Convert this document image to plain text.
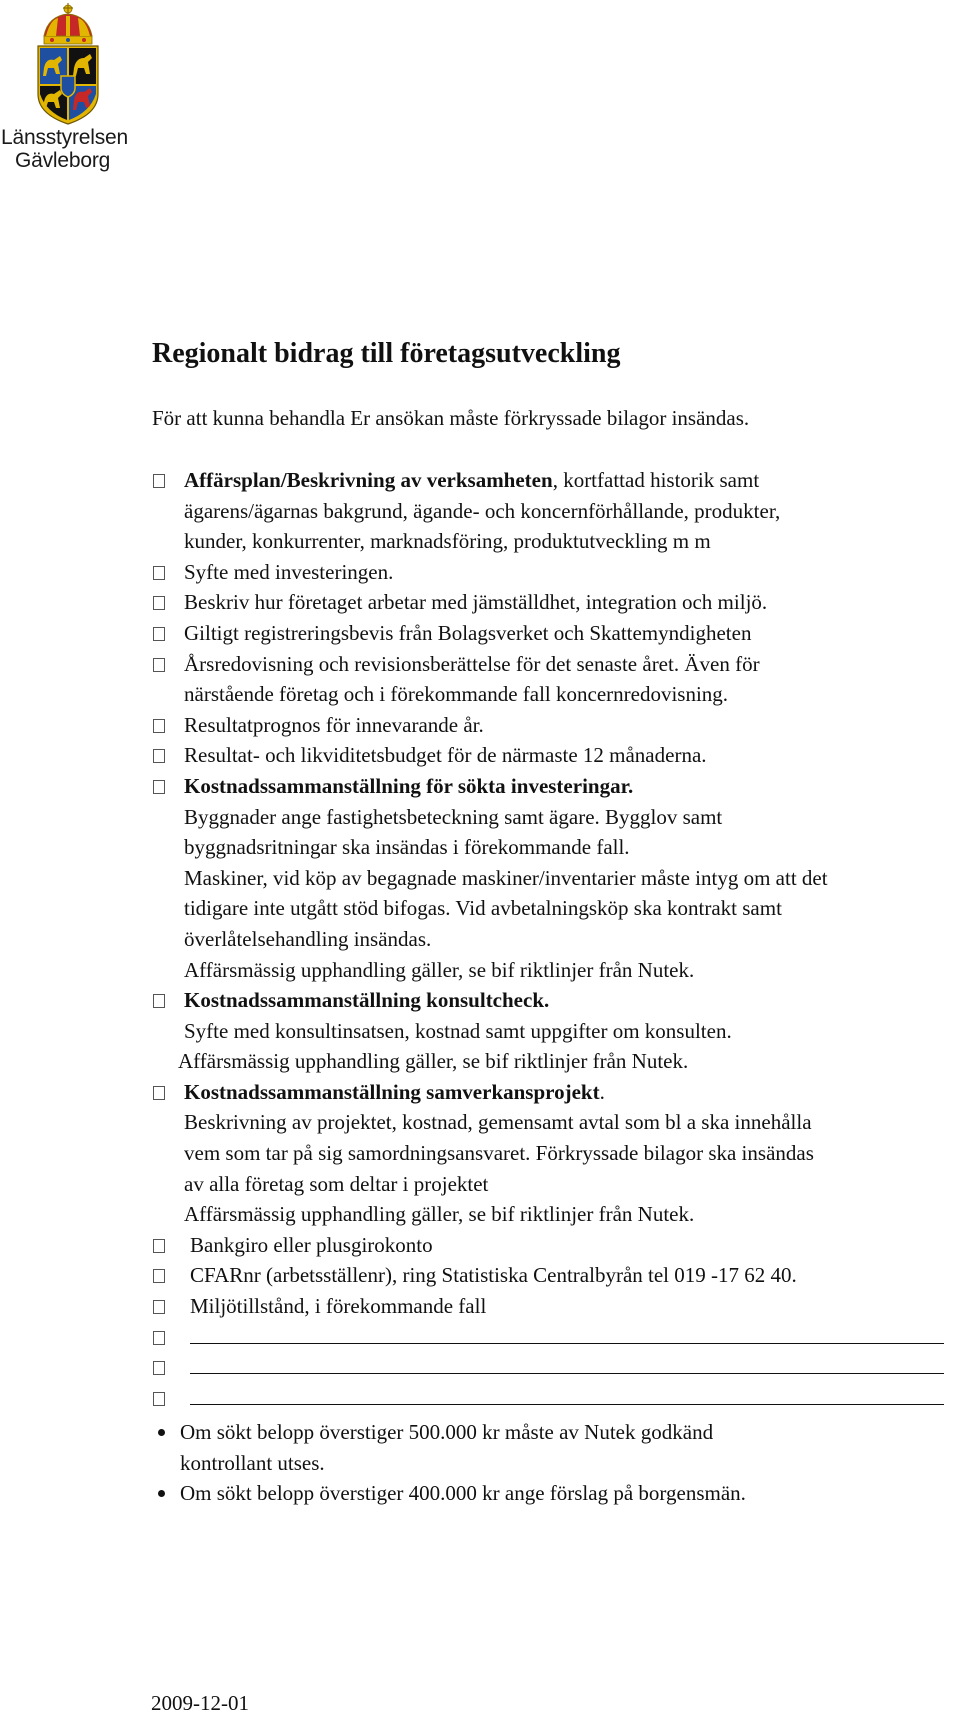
Länsstyrelsen
Gävleborg
Regionalt bidrag till företagsutveckling
För att kunna behandla Er ansökan måste förkryssade bilagor insändas.
Affärsplan/Beskrivning av verksamheten, kortfattad historik samt
ägarens/ägarnas bakgrund, ägande- och koncernförhållande, produkter,
kunder, konkurrenter, marknadsföring, produktutveckling m m
Syfte med investeringen.
Beskriv hur företaget arbetar med jämställdhet, integration och miljö.
Giltigt registreringsbevis från Bolagsverket och Skattemyndigheten
Årsredovisning och revisionsberättelse för det senaste året. Även för
närstående företag och i förekommande fall koncernredovisning.
Resultatprognos för innevarande år.
Resultat- och likviditetsbudget för de närmaste 12 månaderna.
Kostnadssammanställning för sökta investeringar.
Byggnader ange fastighetsbeteckning samt ägare. Bygglov samt
byggnadsritningar ska insändas i förekommande fall.
Maskiner, vid köp av begagnade maskiner/inventarier måste intyg om att det
tidigare inte utgått stöd bifogas. Vid avbetalningsköp ska kontrakt samt
överlåtelsehandling insändas.
Affärsmässig upphandling gäller, se bif riktlinjer från Nutek.
Kostnadssammanställning konsultcheck.
Syfte med konsultinsatsen, kostnad samt uppgifter om konsulten.
Affärsmässig upphandling gäller, se bif riktlinjer från Nutek.
Kostnadssammanställning samverkansprojekt.
Beskrivning av projektet, kostnad, gemensamt avtal som bl a ska innehålla
vem som tar på sig samordningsansvaret. Förkryssade bilagor ska insändas
av alla företag som deltar i projektet
Affärsmässig upphandling gäller, se bif riktlinjer från Nutek.
Bankgiro eller plusgirokonto
CFARnr (arbetsställenr), ring Statistiska Centralbyrån tel 019 -17 62 40.
Miljötillstånd, i förekommande fall
Om sökt belopp överstiger 500.000 kr måste av Nutek godkänd
kontrollant utses.
Om sökt belopp överstiger 400.000 kr ange förslag på borgensmän.
2009-12-01
